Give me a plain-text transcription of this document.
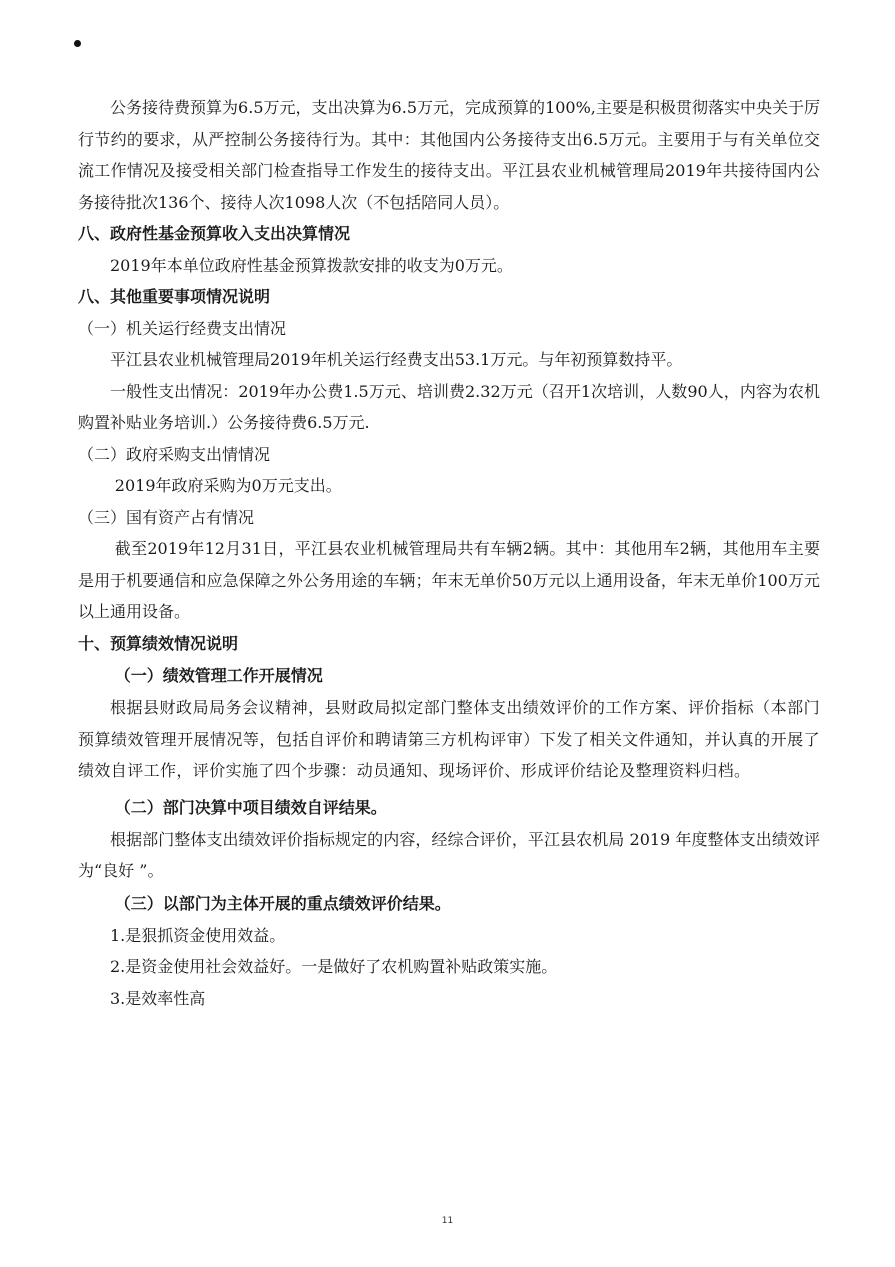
公务接待费预算为6.5万元，支出决算为6.5万元，完成预算的100%,主要是积极贯彻落实中央关于厉行节约的要求，从严控制公务接待行为。其中：其他国内公务接待支出6.5万元。主要用于与有关单位交流工作情况及接受相关部门检查指导工作发生的接待支出。平江县农业机械管理局2019年共接待国内公务接待批次136个、接待人次1098人次（不包括陪同人员）。

八、政府性基金预算收入支出决算情况

2019年本单位政府性基金预算拨款安排的收支为0万元。

八、其他重要事项情况说明

（一）机关运行经费支出情况

平江县农业机械管理局2019年机关运行经费支出53.1万元。与年初预算数持平。

一般性支出情况：2019年办公费1.5万元、培训费2.32万元（召开1次培训，人数90人，内容为农机购置补贴业务培训.）公务接待费6.5万元.

（二）政府采购支出情情况

2019年政府采购为0万元支出。

（三）国有资产占有情况

截至2019年12月31日，平江县农业机械管理局共有车辆2辆。其中：其他用车2辆，其他用车主要是用于机要通信和应急保障之外公务用途的车辆；年末无单价50万元以上通用设备，年末无单价100万元以上通用设备。

十、预算绩效情况说明

（一）绩效管理工作开展情况

根据县财政局局务会议精神，县财政局拟定部门整体支出绩效评价的工作方案、评价指标（本部门预算绩效管理开展情况等，包括自评价和聘请第三方机构评审）下发了相关文件通知，并认真的开展了绩效自评工作，评价实施了四个步骤：动员通知、现场评价、形成评价结论及整理资料归档。

（二）部门决算中项目绩效自评结果。

根据部门整体支出绩效评价指标规定的内容，经综合评价，平江县农机局 2019 年度整体支出绩效评为“良好 ”。

（三）以部门为主体开展的重点绩效评价结果。

1.是狠抓资金使用效益。

2.是资金使用社会效益好。一是做好了农机购置补贴政策实施。

3.是效率性高

11
